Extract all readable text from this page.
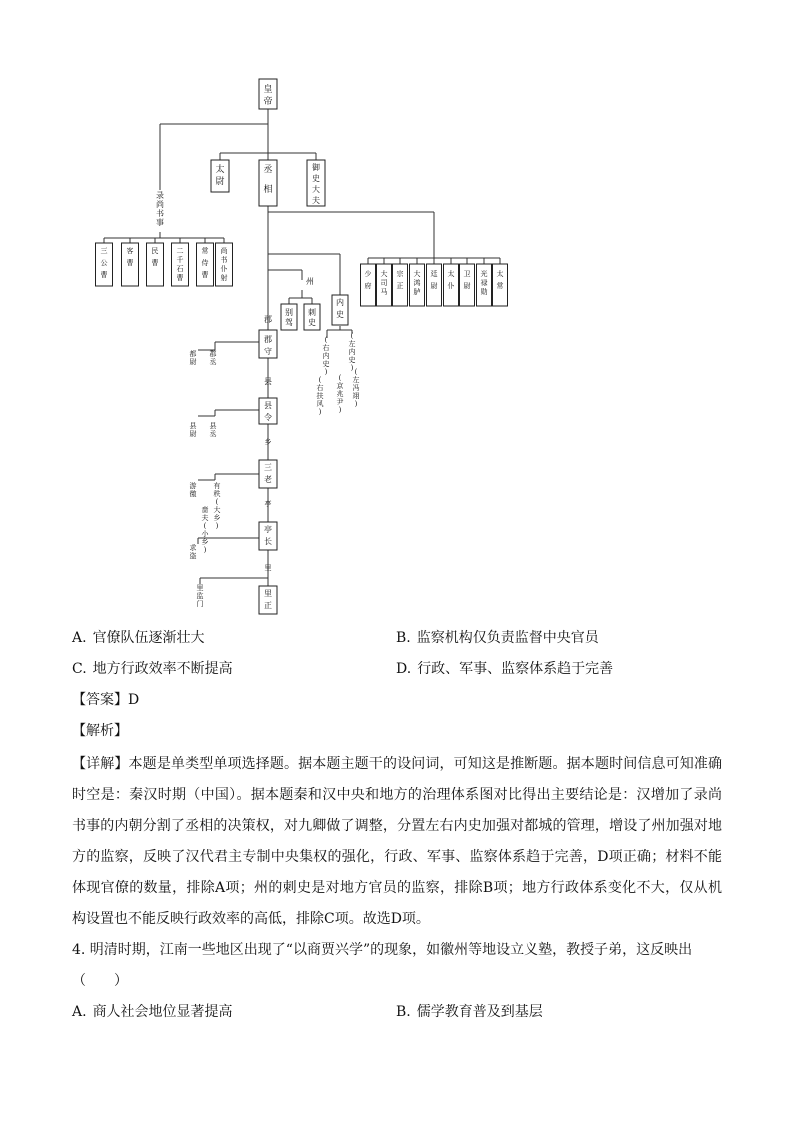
皇帝
太尉
丞相
御史大夫
录尚书事
三公曹
客曹
民曹
二千石曹
常侍曹
尚书仆射	少府
大司马
宗正
大鸿胪
廷尉
太仆
卫尉
光禄勋
太常
州
别驾
刺史
内史
(右内史)
(左内史)
(右扶风)
(京兆尹)
(左冯翊)
郡
郡守
都尉
郡丞
县
县令
县尉
县丞
乡
三老
游徼
啬夫(小乡)
有秩(大乡)
亭
亭长
求盗
里
里正
里监门
A. 官僚队伍逐渐壮大	B. 监察机构仅负责监督中央官员
C. 地方行政效率不断提高	D. 行政、军事、监察体系趋于完善
【答案】D
【解析】
【详解】本题是单类型单项选择题。据本题主题干的设问词，可知这是推断题。据本题时间信息可知准确时空是：秦汉时期（中国）。据本题秦和汉中央和地方的治理体系图对比得出主要结论是：汉增加了录尚书事的内朝分割了丞相的决策权，对九卿做了调整，分置左右内史加强对都城的管理，增设了州加强对地方的监察，反映了汉代君主专制中央集权的强化，行政、军事、监察体系趋于完善，D项正确；材料不能体现官僚的数量，排除A项；州的刺史是对地方官员的监察，排除B项；地方行政体系变化不大，仅从机构设置也不能反映行政效率的高低，排除C项。故选D项。
4. 明清时期，江南一些地区出现了“以商贾兴学”的现象，如徽州等地设立义塾，教授子弟，这反映出
（　　）
A. 商人社会地位显著提高	B. 儒学教育普及到基层
